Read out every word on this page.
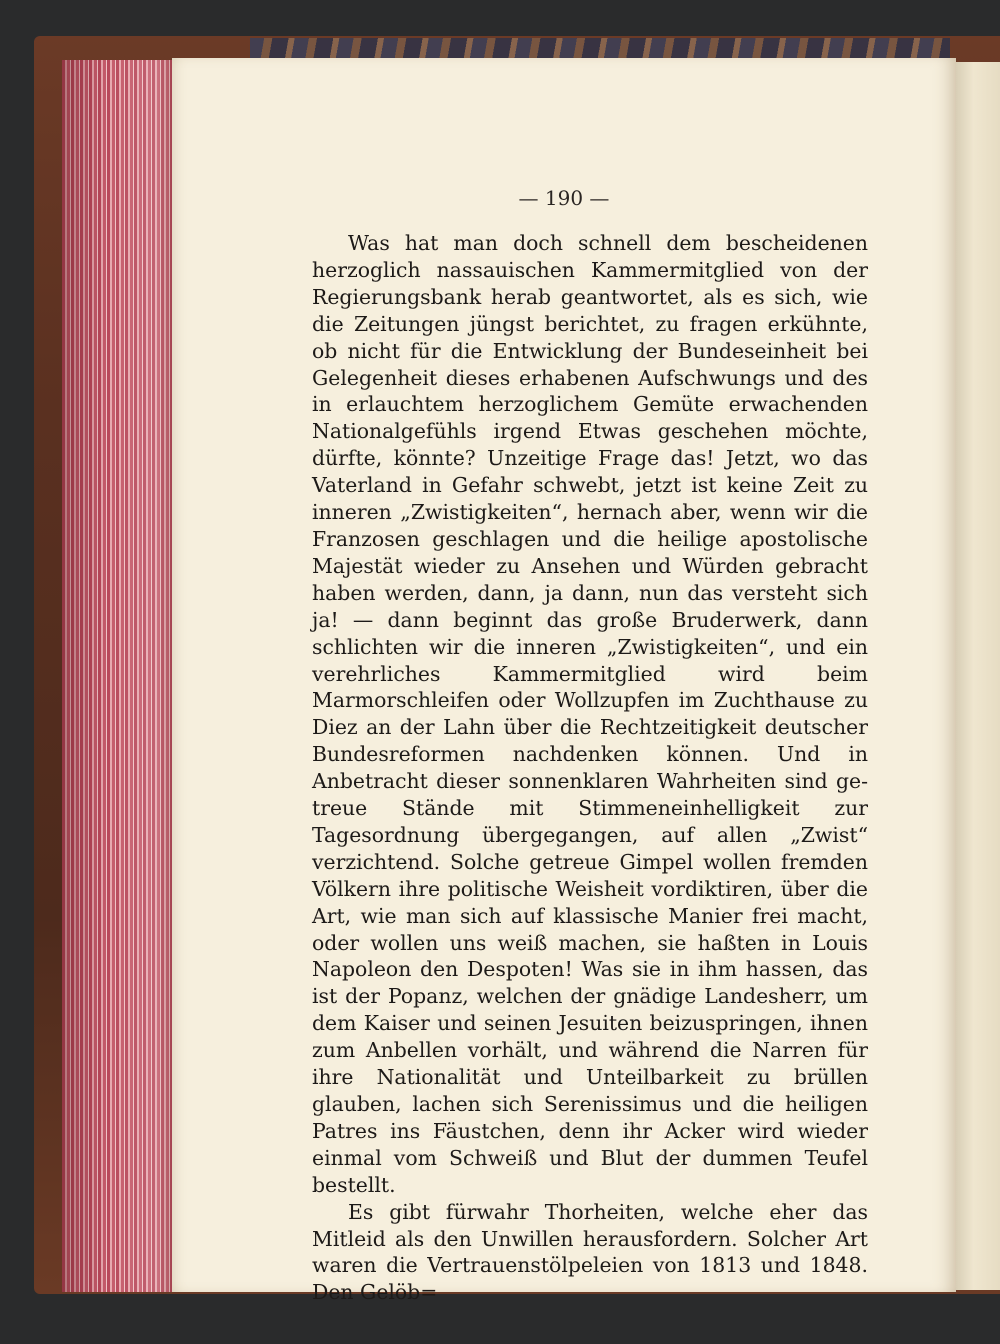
— 190 —

Was hat man doch schnell dem bescheidenen herzoglich nassauischen Kammermitglied von der Regierungsbank herab geantwortet, als es sich, wie die Zeitungen jüngst berichtet, zu fragen erkühnte, ob nicht für die Entwicklung der Bundeseinheit bei Gelegenheit dieses erhabenen Aufschwungs und des in erlauchtem herzoglichem Gemüte erwachenden Nationalgefühls irgend Etwas geschehen möchte, dürfte, könnte? Unzeitige Frage das! Jetzt, wo das Vaterland in Gefahr schwebt, jetzt ist keine Zeit zu inneren „Zwistigkeiten“, hernach aber, wenn wir die Franzosen geschlagen und die heilige apostolische Majestät wieder zu Ansehen und Würden gebracht haben werden, dann, ja dann, nun das versteht sich ja! — dann beginnt das große Bruderwerk, dann schlichten wir die inneren „Zwistigkeiten“, und ein verehrliches Kammermitglied wird beim Marmorschleifen oder Wollzupfen im Zuchthause zu Diez an der Lahn über die Rechtzeitigkeit deutscher Bundesreformen nachdenken können. Und in Anbetracht dieser sonnenklaren Wahrheiten sind getreue Stände mit Stimmeneinhelligkeit zur Tagesordnung übergegangen, auf allen „Zwist“ verzichtend. Solche getreue Gimpel wollen fremden Völkern ihre politische Weisheit vordiktiren, über die Art, wie man sich auf klassische Manier frei macht, oder wollen uns weiß machen, sie haßten in Louis Napoleon den Despoten! Was sie in ihm hassen, das ist der Popanz, welchen der gnädige Landesherr, um dem Kaiser und seinen Jesuiten beizuspringen, ihnen zum Anbellen vorhält, und während die Narren für ihre Nationalität und Unteilbarkeit zu brüllen glauben, lachen sich Serenissimus und die heiligen Patres ins Fäustchen, denn ihr Acker wird wieder einmal vom Schweiß und Blut der dummen Teufel bestellt.

Es gibt fürwahr Thorheiten, welche eher das Mitleid als den Unwillen herausfordern. Solcher Art waren die Vertrauenstölpeleien von 1813 und 1848. Den Gelöb=
